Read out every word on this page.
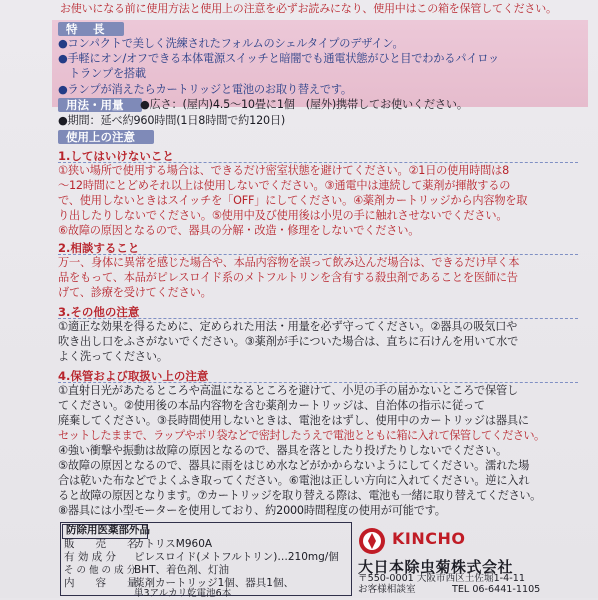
お使いになる前に使用方法と使用上の注意を必ずお読みになり、使用中はこの箱を保管してください。
特　長
●コンパクトで美しく洗練されたフォルムのシェルタイプのデザイン。
●手軽にオン/オフできる本体電源スイッチと暗闇でも通電状態がひと目でわかるパイロッ
　トランプを搭載
●ランプが消えたらカートリッジと電池のお取り替えです。
用法・用量	●広さ：(屋内)4.5～10畳に1個　(屋外)携帯してお使いください。
●期間：延べ約960時間(1日8時間で約120日)
使用上の注意
1.してはいけないこと
①狭い場所で使用する場合は、できるだけ密室状態を避けてください。②1日の使用時間は8
～12時間にとどめそれ以上は使用しないでください。③通電中は連続して薬剤が揮散するの
で、使用しないときはスイッチを「OFF」にしてください。④薬剤カートリッジから内容物を取
り出したりしないでください。⑤使用中及び使用後は小児の手に触れさせないでください。
⑥故障の原因となるので、器具の分解・改造・修理をしないでください。
2.相談すること
万一、身体に異常を感じた場合や、本品内容物を誤って飲み込んだ場合は、できるだけ早く本
品をもって、本品がピレスロイド系のメトフルトリンを含有する殺虫剤であることを医師に告
げて、診療を受けてください。
3.その他の注意
①適正な効果を得るために、定められた用法・用量を必ず守ってください。②器具の吸気口や
吹き出し口をふさがないでください。③薬剤が手についた場合は、直ちに石けんを用いて水で
よく洗ってください。
4.保管および取扱い上の注意
①直射日光があたるところや高温になるところを避けて、小児の手の届かないところで保管し
てください。②使用後の本品内容物を含む薬剤カートリッジは、自治体の指示に従って
廃棄してください。③長時間使用しないときは、電池をはずし、使用中のカートリッジは器具に
セットしたままで、ラップやポリ袋などで密封したうえで電池とともに箱に入れて保管してください。
④強い衝撃や振動は故障の原因となるので、器具を落としたり投げたりしないでください。
⑤故障の原因となるので、器具に雨をはじめ水などがかからないようにしてください。濡れた場
合は乾いた布などでよくふき取ってください。⑥電池は正しい方向に入れてください。逆に入れ
ると故障の原因となります。⑦カートリッジを取り替える際は、電池も一緒に取り替えてください。
⑧器具には小型モーターを使用しており、約2000時間程度の使用が可能です。
防除用医薬部外品
販　　売　　名
カトリスM960A
有 効 成 分 ピレスロイド(メトフルトリン)…210mg/個
そ の 他 の 成 分
BHT、着色剤、灯油
内　　容　　量
薬剤カートリッジ1個、器具1個、
単3アルカリ乾電池6本
KINCHO
大日本除虫菊株式会社
〒550-0001 大阪市西区土佐堀1-4-11
お客様相談室	TEL 06-6441-1105
